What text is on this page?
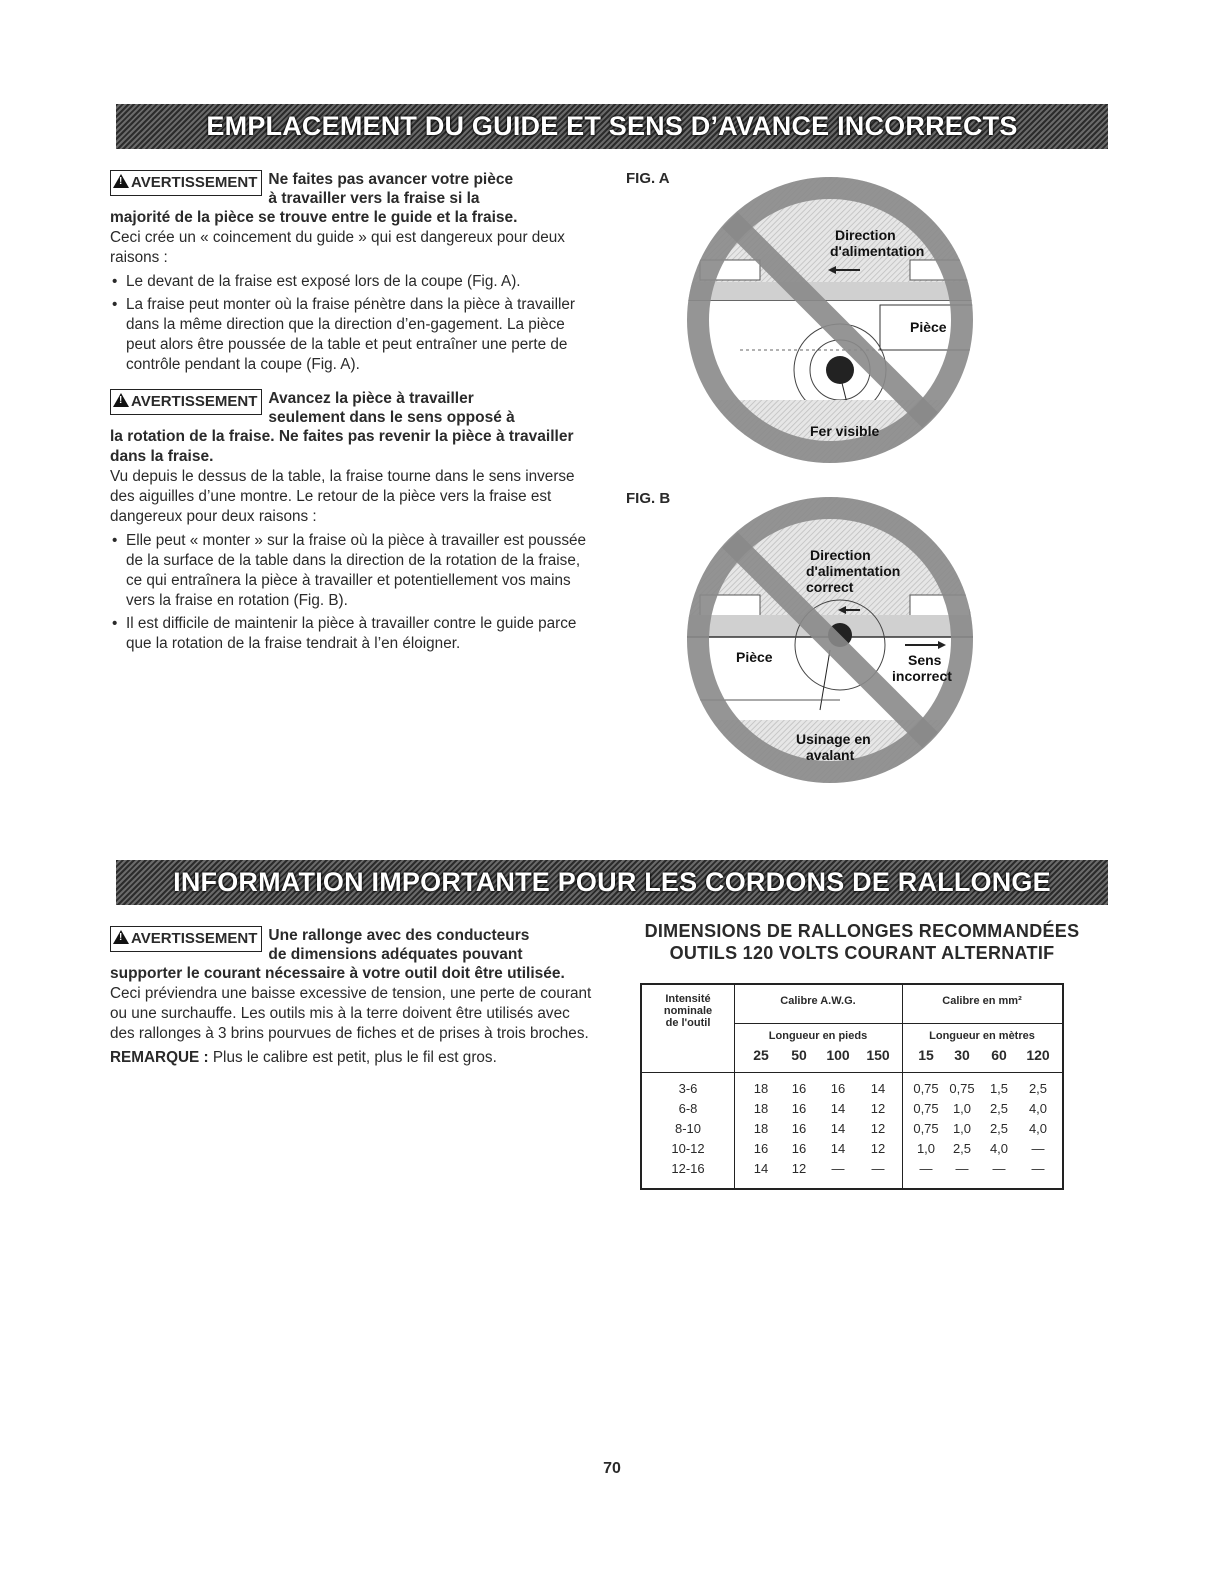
EMPLACEMENT DU GUIDE ET SENS D’AVANCE INCORRECTS
!AVERTISSEMENT Ne faites pas avancer votre pièce
à travailler vers la fraise si la

majorité de la pièce se trouve entre le guide et la fraise.

Ceci crée un « coincement du guide » qui est dangereux pour deux raisons :

• Le devant de la fraise est exposé lors de la coupe (Fig. A).
• La fraise peut monter où la fraise pénètre dans la pièce à travailler dans la même direction que la direction d’en-gagement. La pièce peut alors être poussée de la table et peut entraîner une perte de contrôle pendant la coupe (Fig. A).
!AVERTISSEMENT Avancez la pièce à travailler
seulement dans le sens opposé à

la rotation de la fraise. Ne faites pas revenir la pièce à travailler dans la fraise.

Vu depuis le dessus de la table, la fraise tourne dans le sens inverse des aiguilles d’une montre. Le retour de la pièce vers la fraise est dangereux pour deux raisons :

• Elle peut « monter » sur la fraise où la pièce à travailler est poussée de la surface de la table dans la direction de la rotation de la fraise, ce qui entraînera la pièce à travailler et potentiellement vos mains vers la fraise en rotation (Fig. B).
• Il est difficile de maintenir la pièce à travailler contre le guide parce que la rotation de la fraise tendrait à l’en éloigner.
FIG. A
Direction
d'alimentation
Pièce
Fer visible
FIG. B
Direction
d'alimentation
correct
Pièce	Sens
incorrect
Usinage en
avalant
INFORMATION IMPORTANTE POUR LES CORDONS DE RALLONGE
!AVERTISSEMENT Une rallonge avec des conducteurs
de dimensions adéquates pouvant

supporter le courant nécessaire à votre outil doit être utilisée.

Ceci préviendra une baisse excessive de tension, une perte de courant ou une surchauffe. Les outils mis à la terre doivent être utilisés avec des rallonges à 3 brins pourvues de fiches et de prises à trois broches.

REMARQUE : Plus le calibre est petit, plus le fil est gros.

DIMENSIONS DE RALLONGES RECOMMANDÉES
OUTILS 120 VOLTS COURANT ALTERNATIF
Intensité
nominale
de l'outil
Calibre A.W.G.	Calibre en mm²
Longueur en pieds	Longueur en mètres
25	50	100	150	15	30	60	120
3-6	18	16	16	14	0,75 0,75	1,5	2,5
6-8	18	16	14	12	0,75	1,0	2,5	4,0
8-10	18	16	14	12	0,75	1,0	2,5	4,0
10-12	16	16	14	12	1,0	2,5	4,0	—
12-16	14	12	—	—	—	—	—	—
70
